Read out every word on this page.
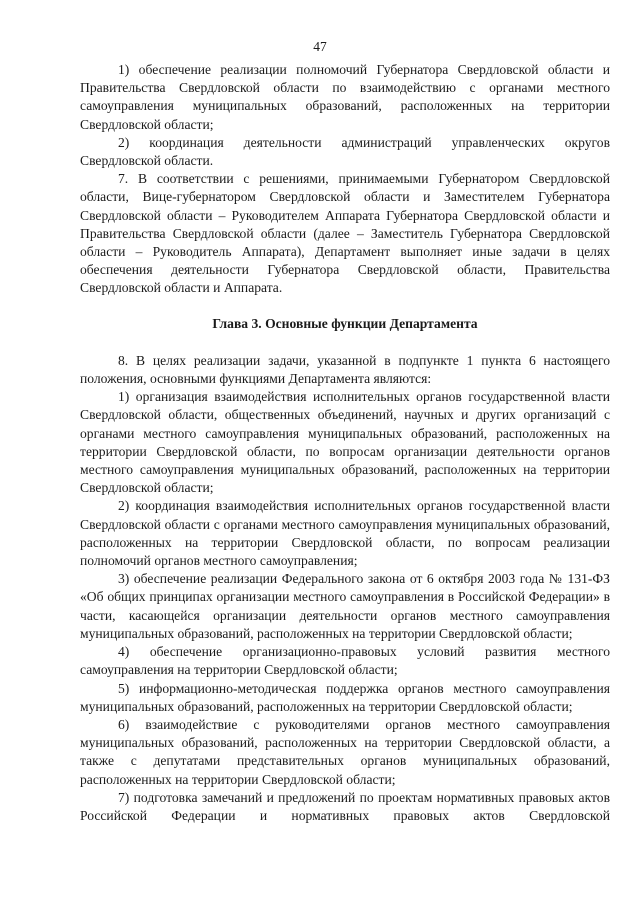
47

1) обеспечение реализации полномочий Губернатора Свердловской области и Правительства Свердловской области по взаимодействию с органами местного самоуправления муниципальных образований, расположенных на территории Свердловской области;

2) координация деятельности администраций управленческих округов Свердловской области.

7. В соответствии с решениями, принимаемыми Губернатором Свердловской области, Вице-губернатором Свердловской области и Заместителем Губернатора Свердловской области – Руководителем Аппарата Губернатора Свердловской области и Правительства Свердловской области (далее – Заместитель Губернатора Свердловской области – Руководитель Аппарата), Департамент выполняет иные задачи в целях обеспечения деятельности Губернатора Свердловской области, Правительства Свердловской области и Аппарата.

Глава 3. Основные функции Департамента

8. В целях реализации задачи, указанной в подпункте 1 пункта 6 настоящего положения, основными функциями Департамента являются:

1) организация взаимодействия исполнительных органов государственной власти Свердловской области, общественных объединений, научных и других организаций с органами местного самоуправления муниципальных образований, расположенных на территории Свердловской области, по вопросам организации деятельности органов местного самоуправления муниципальных образований, расположенных на территории Свердловской области;

2) координация взаимодействия исполнительных органов государственной власти Свердловской области с органами местного самоуправления муниципальных образований, расположенных на территории Свердловской области, по вопросам реализации полномочий органов местного самоуправления;

3) обеспечение реализации Федерального закона от 6 октября 2003 года № 131-ФЗ «Об общих принципах организации местного самоуправления в Российской Федерации» в части, касающейся организации деятельности органов местного самоуправления муниципальных образований, расположенных на территории Свердловской области;

4) обеспечение организационно-правовых условий развития местного самоуправления на территории Свердловской области;

5) информационно-методическая поддержка органов местного самоуправления муниципальных образований, расположенных на территории Свердловской области;

6) взаимодействие с руководителями органов местного самоуправления муниципальных образований, расположенных на территории Свердловской области, а также с депутатами представительных органов муниципальных образований, расположенных на территории Свердловской области;

7) подготовка замечаний и предложений по проектам нормативных правовых актов Российской Федерации и нормативных правовых актов Свердловской
